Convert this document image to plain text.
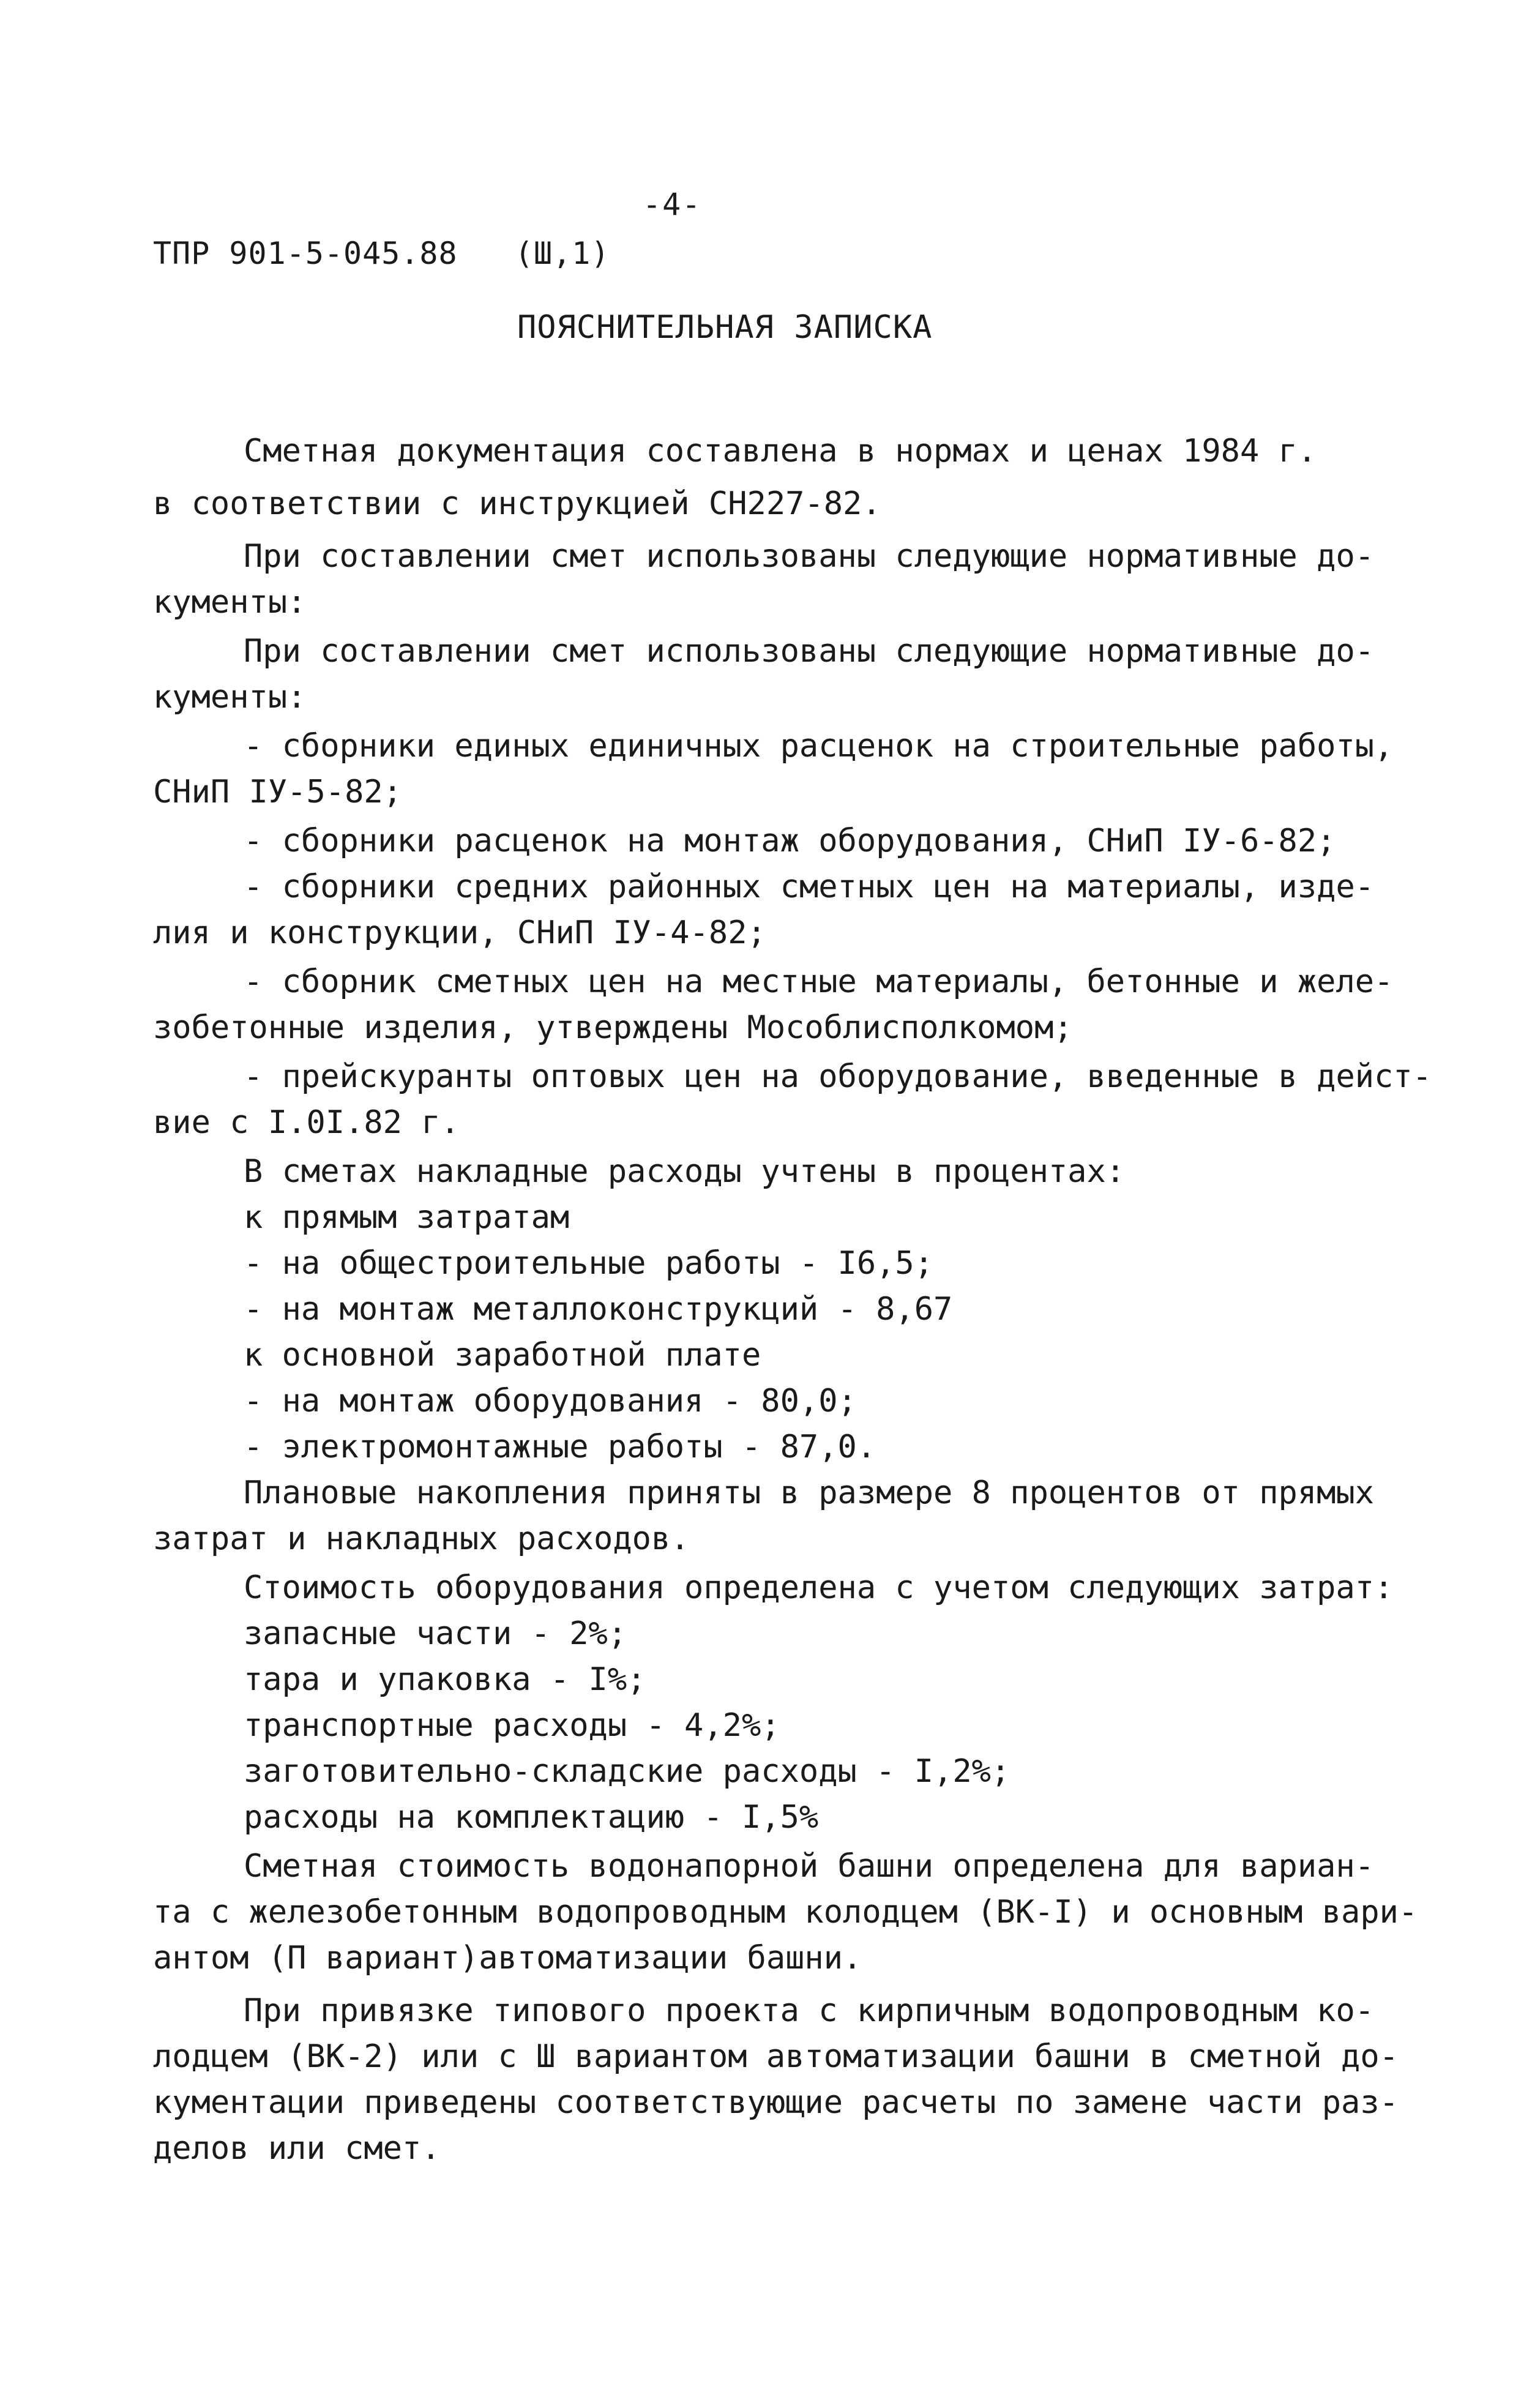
-4-
ТПР 901-5-045.88   (Ш,1)
ПОЯСНИТЕЛЬНАЯ ЗАПИСКА
Сметная документация составлена в нормах и ценах 1984 г.
в соответствии с инструкцией СН227-82.
При составлении смет использованы следующие нормативные до-
кументы:
При составлении смет использованы следующие нормативные до-
кументы:
- сборники единых единичных расценок на строительные работы,
СНиП IУ-5-82;
- сборники расценок на монтаж оборудования, СНиП IУ-6-82;
- сборники средних районных сметных цен на материалы, изде-
лия и конструкции, СНиП IУ-4-82;
- сборник сметных цен на местные материалы, бетонные и желе-
зобетонные изделия, утверждены Мособлисполкомом;
- прейскуранты оптовых цен на оборудование, введенные в дейст-
вие с I.0I.82 г.
В сметах накладные расходы учтены в процентах:
к прямым затратам
- на общестроительные работы - I6,5;
- на монтаж металлоконструкций - 8,67
к основной заработной плате
- на монтаж оборудования - 80,0;
- электромонтажные работы - 87,0.
Плановые накопления приняты в размере 8 процентов от прямых
затрат и накладных расходов.
Стоимость оборудования определена с учетом следующих затрат:
запасные части - 2%;
тара и упаковка - I%;
транспортные расходы - 4,2%;
заготовительно-складские расходы - I,2%;
расходы на комплектацию - I,5%
Сметная стоимость водонапорной башни определена для вариан-
та с железобетонным водопроводным колодцем (ВК-I) и основным вари-
антом (П вариант)автоматизации башни.
При привязке типового проекта с кирпичным водопроводным ко-
лодцем (ВК-2) или с Ш вариантом автоматизации башни в сметной до-
кументации приведены соответствующие расчеты по замене части раз-
делов или смет.
